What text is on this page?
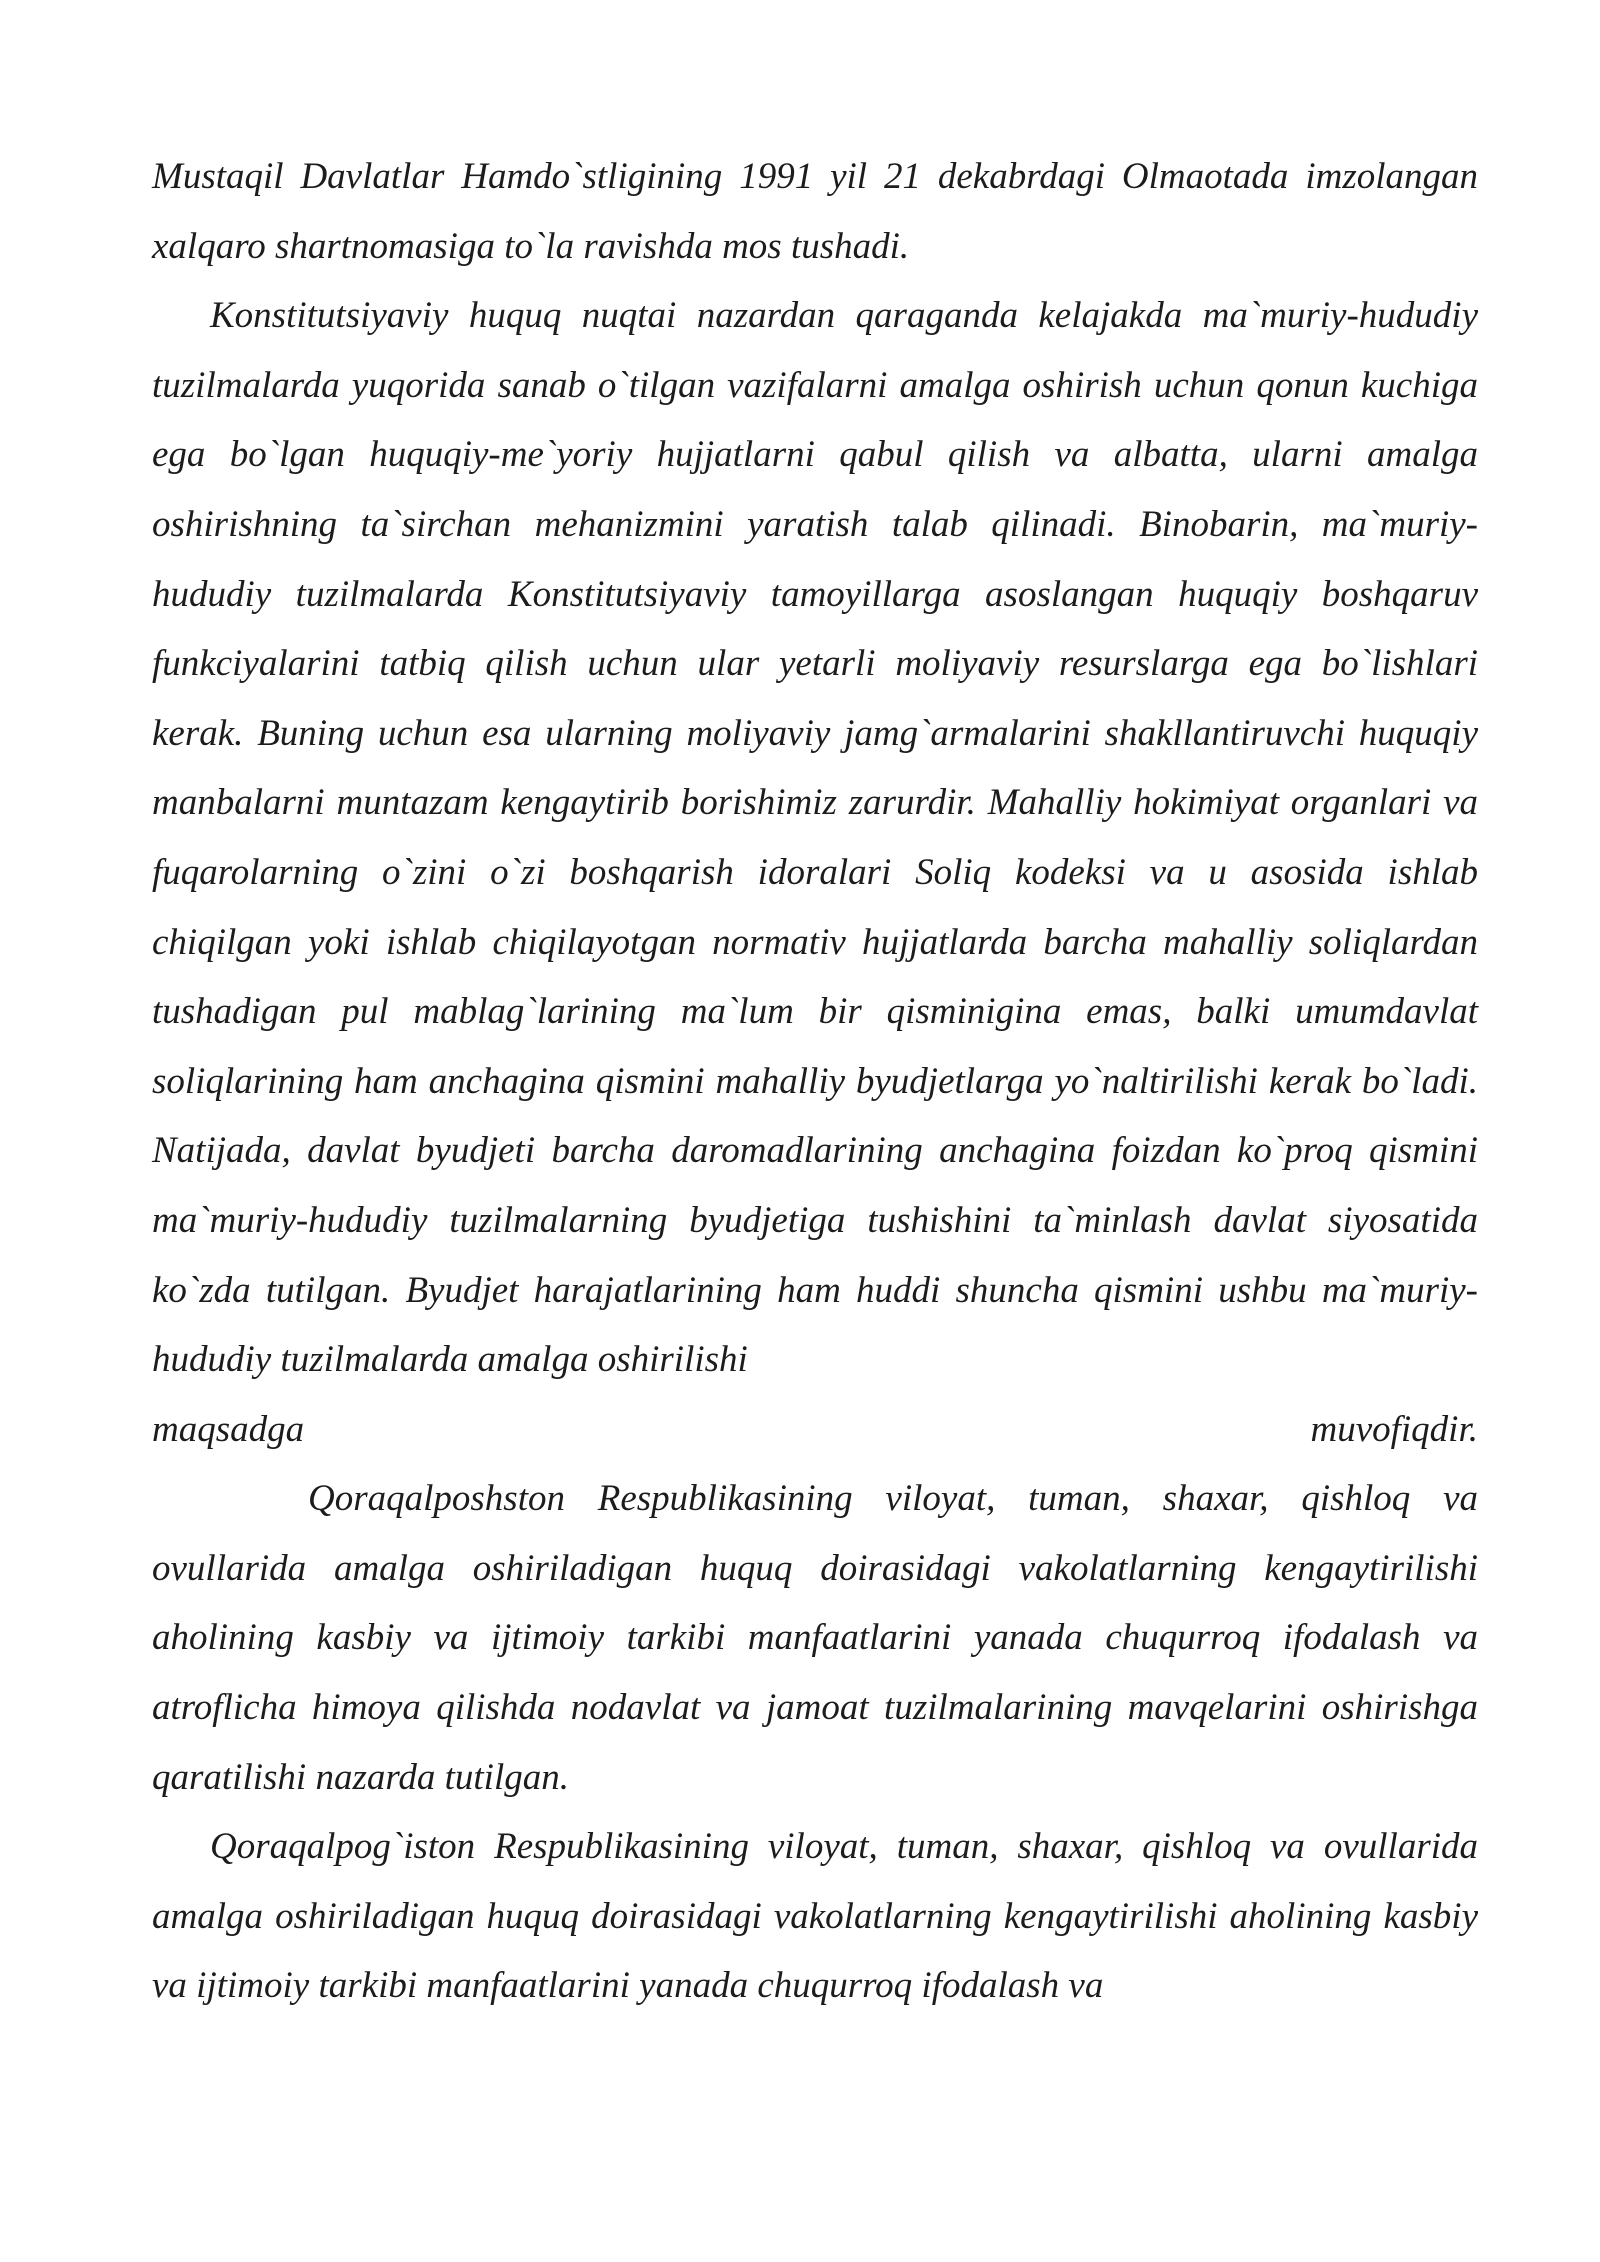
Mustaqil Davlatlar Hamdo`stligining 1991 yil 21 dekabrdagi Olmaotada imzolangan xalqaro shartnomasiga to`la ravishda mos tushadi.

Konstitutsiyaviy huquq nuqtai nazardan qaraganda kelajakda ma`muriy-hududiy tuzilmalarda yuqorida sanab o`tilgan vazifalarni amalga oshirish uchun qonun kuchiga ega bo`lgan huquqiy-me`yoriy hujjatlarni qabul qilish va albatta, ularni amalga oshirishning ta`sirchan mehanizmini yaratish talab qilinadi. Binobarin, ma`muriy-hududiy tuzilmalarda Konstitutsiyaviy tamoyillarga asoslangan huquqiy boshqaruv funkciyalarini tatbiq qilish uchun ular yetarli moliyaviy resurslarga ega bo`lishlari kerak. Buning uchun esa ularning moliyaviy jamg`armalarini shakllantiruvchi huquqiy manbalarni muntazam kengaytirib borishimiz zarurdir. Mahalliy hokimiyat organlari va fuqarolarning o`zini o`zi boshqarish idoralari Soliq kodeksi va u asosida ishlab chiqilgan yoki ishlab chiqilayotgan normativ hujjatlarda barcha mahalliy soliqlardan tushadigan pul mablag`larining ma`lum bir qisminigina emas, balki umumdavlat soliqlarining ham anchagina qismini mahalliy byudjetlarga yo`naltirilishi kerak bo`ladi. Natijada, davlat byudjeti barcha daromadlarining anchagina foizdan ko`proq qismini ma`muriy-hududiy tuzilmalarning byudjetiga tushishini ta`minlash davlat siyosatida ko`zda tutilgan. Byudjet harajatlarining ham huddi shuncha qismini ushbu ma`muriy-hududiy tuzilmalarda amalga oshirilishi

maqsadga	muvofiqdir.

Qoraqalposhston Respublikasining viloyat, tuman, shaxar, qishloq va ovullarida amalga oshiriladigan huquq doirasidagi vakolatlarning kengaytirilishi aholining kasbiy va ijtimoiy tarkibi manfaatlarini yanada chuqurroq ifodalash va atroflicha himoya qilishda nodavlat va jamoat tuzilmalarining mavqelarini oshirishga qaratilishi nazarda tutilgan.

Qoraqalpog`iston Respublikasining viloyat, tuman, shaxar, qishloq va ovullarida amalga oshiriladigan huquq doirasidagi vakolatlarning kengaytirilishi aholining kasbiy va ijtimoiy tarkibi manfaatlarini yanada chuqurroq ifodalash va
